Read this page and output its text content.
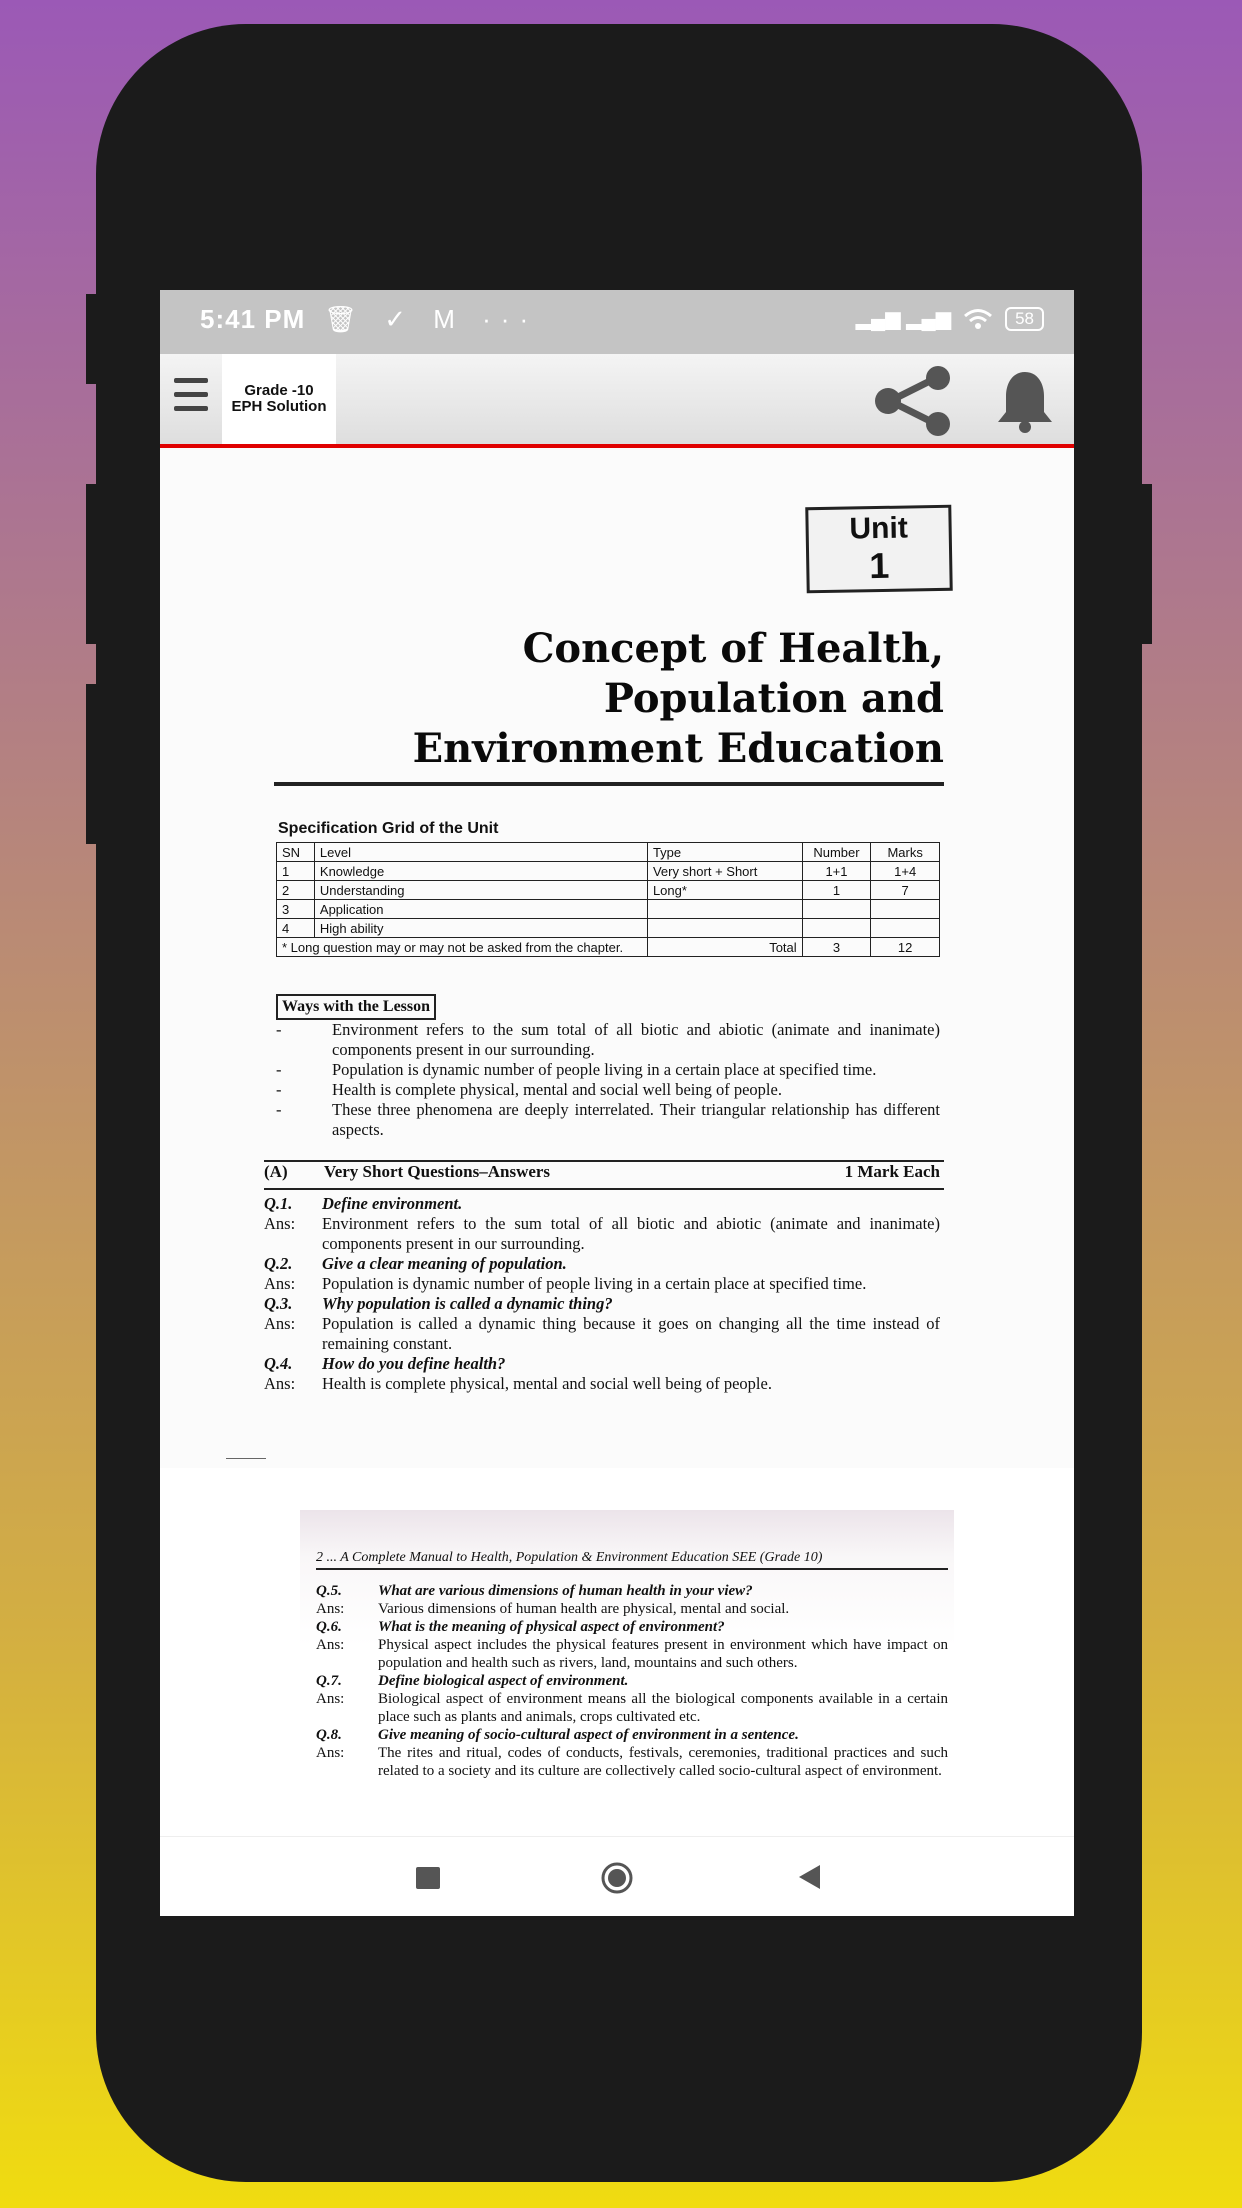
5:41 PM 🗑 ✓ M ···	▂▄▆ ▂▄▆	58
Grade -10
EPH Solution
Unit
1
Concept of Health,
Population and
Environment Education
Specification Grid of the Unit
SN	Level	Type	Number	Marks
1	Knowledge	Very short + Short	1+1	1+4
2	Understanding	Long*	1	7
3	Application			
4	High ability			
* Long question may or may not be asked from the chapter.		Total	3	12
Ways with the Lesson
-	Environment refers to the sum total of all biotic and abiotic (animate and inanimate) components present in our surrounding.
-	Population is dynamic number of people living in a certain place at specified time.
-	Health is complete physical, mental and social well being of people.
-	These three phenomena are deeply interrelated. Their triangular relationship has different aspects.
(A)	Very Short Questions–Answers	1 Mark Each
Q.1.	Define environment.
Ans:	Environment refers to the sum total of all biotic and abiotic (animate and inanimate) components present in our surrounding.
Q.2.	Give a clear meaning of population.
Ans:	Population is dynamic number of people living in a certain place at specified time.
Q.3.	Why population is called a dynamic thing?
Ans:	Population is called a dynamic thing because it goes on changing all the time instead of remaining constant.
Q.4.	How do you define health?
Ans:	Health is complete physical, mental and social well being of people.
2 ... A Complete Manual to Health, Population & Environment Education SEE (Grade 10)
Q.5.	What are various dimensions of human health in your view?
Ans:	Various dimensions of human health are physical, mental and social.
Q.6.	What is the meaning of physical aspect of environment?
Ans:	Physical aspect includes the physical features present in environment which have impact on population and health such as rivers, land, mountains and such others.
Q.7.	Define biological aspect of environment.
Ans:	Biological aspect of environment means all the biological components available in a certain place such as plants and animals, crops cultivated etc.
Q.8.	Give meaning of socio-cultural aspect of environment in a sentence.
Ans:	The rites and ritual, codes of conducts, festivals, ceremonies, traditional practices and such related to a society and its culture are collectively called socio-cultural aspect of environment.
